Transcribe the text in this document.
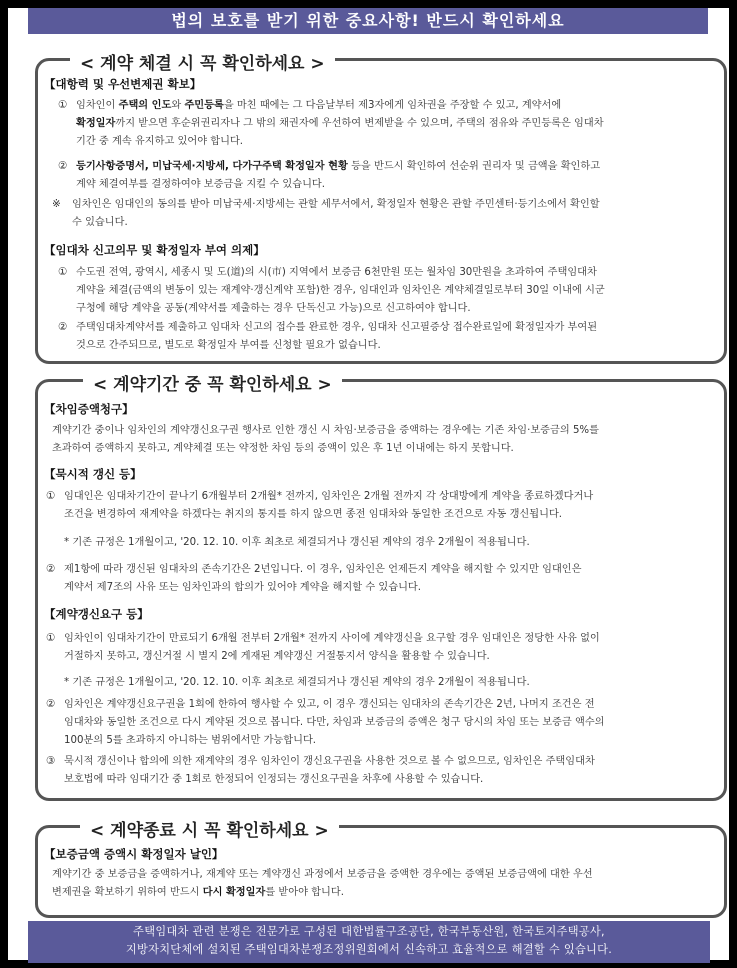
법의 보호를 받기 위한 중요사항! 반드시 확인하세요
< 계약 체결 시 꼭 확인하세요 >
【대항력 및 우선변제권 확보】
① 임차인이 주택의 인도와 주민등록을 마친 때에는 그 다음날부터 제3자에게 임차권을 주장할 수 있고, 계약서에
확정일자까지 받으면 후순위권리자나 그 밖의 채권자에 우선하여 변제받을 수 있으며, 주택의 점유와 주민등록은 임대차
기간 중 계속 유지하고 있어야 합니다.
② 등기사항증명서, 미납국세·지방세, 다가구주택 확정일자 현황 등을 반드시 확인하여 선순위 권리자 및 금액을 확인하고
계약 체결여부를 결정하여야 보증금을 지킬 수 있습니다.
※ 임차인은 임대인의 동의를 받아 미납국세·지방세는 관할 세무서에서, 확정일자 현황은 관할 주민센터·등기소에서 확인할
수 있습니다.
【임대차 신고의무 및 확정일자 부여 의제】
① 수도권 전역, 광역시, 세종시 및 도(道)의 시(市) 지역에서 보증금 6천만원 또는 월차임 30만원을 초과하여 주택임대차
계약을 체결(금액의 변동이 있는 재계약·갱신계약 포함)한 경우, 임대인과 임차인은 계약체결일로부터 30일 이내에 시군
구청에 해당 계약을 공동(계약서를 제출하는 경우 단독신고 가능)으로 신고하여야 합니다.
② 주택임대차계약서를 제출하고 임대차 신고의 접수를 완료한 경우, 임대차 신고필증상 접수완료일에 확정일자가 부여된
것으로 간주되므로, 별도로 확정일자 부여를 신청할 필요가 없습니다.
< 계약기간 중 꼭 확인하세요 >
【차임증액청구】
계약기간 중이나 임차인의 계약갱신요구권 행사로 인한 갱신 시 차임·보증금을 증액하는 경우에는 기존 차임·보증금의 5%를
초과하여 증액하지 못하고, 계약체결 또는 약정한 차임 등의 증액이 있은 후 1년 이내에는 하지 못합니다.
【묵시적 갱신 등】
① 임대인은 임대차기간이 끝나기 6개월부터 2개월* 전까지, 임차인은 2개월 전까지 각 상대방에게 계약을 종료하겠다거나
조건을 변경하여 재계약을 하겠다는 취지의 통지를 하지 않으면 종전 임대차와 동일한 조건으로 자동 갱신됩니다.
* 기존 규정은 1개월이고, '20. 12. 10. 이후 최초로 체결되거나 갱신된 계약의 경우 2개월이 적용됩니다.
② 제1항에 따라 갱신된 임대차의 존속기간은 2년입니다. 이 경우, 임차인은 언제든지 계약을 해지할 수 있지만 임대인은
계약서 제7조의 사유 또는 임차인과의 합의가 있어야 계약을 해지할 수 있습니다.
【계약갱신요구 등】
① 임차인이 임대차기간이 만료되기 6개월 전부터 2개월* 전까지 사이에 계약갱신을 요구할 경우 임대인은 정당한 사유 없이
거절하지 못하고, 갱신거절 시 별지 2에 게재된 계약갱신 거절통지서 양식을 활용할 수 있습니다.
* 기존 규정은 1개월이고, '20. 12. 10. 이후 최초로 체결되거나 갱신된 계약의 경우 2개월이 적용됩니다.
② 임차인은 계약갱신요구권을 1회에 한하여 행사할 수 있고, 이 경우 갱신되는 임대차의 존속기간은 2년, 나머지 조건은 전
임대차와 동일한 조건으로 다시 계약된 것으로 봅니다. 다만, 차임과 보증금의 증액은 청구 당시의 차임 또는 보증금 액수의
100분의 5를 초과하지 아니하는 범위에서만 가능합니다.
③ 묵시적 갱신이나 합의에 의한 재계약의 경우 임차인이 갱신요구권을 사용한 것으로 볼 수 없으므로, 임차인은 주택임대차
보호법에 따라 임대기간 중 1회로 한정되어 인정되는 갱신요구권을 차후에 사용할 수 있습니다.
< 계약종료 시 꼭 확인하세요 >
【보증금액 증액시 확정일자 날인】
계약기간 중 보증금을 증액하거나, 재계약 또는 계약갱신 과정에서 보증금을 증액한 경우에는 증액된 보증금액에 대한 우선
변제권을 확보하기 위하여 반드시 다시 확정일자를 받아야 합니다.
주택임대차 관련 분쟁은 전문가로 구성된 대한법률구조공단, 한국부동산원, 한국토지주택공사,
지방자치단체에 설치된 주택임대차분쟁조정위원회에서 신속하고 효율적으로 해결할 수 있습니다.
